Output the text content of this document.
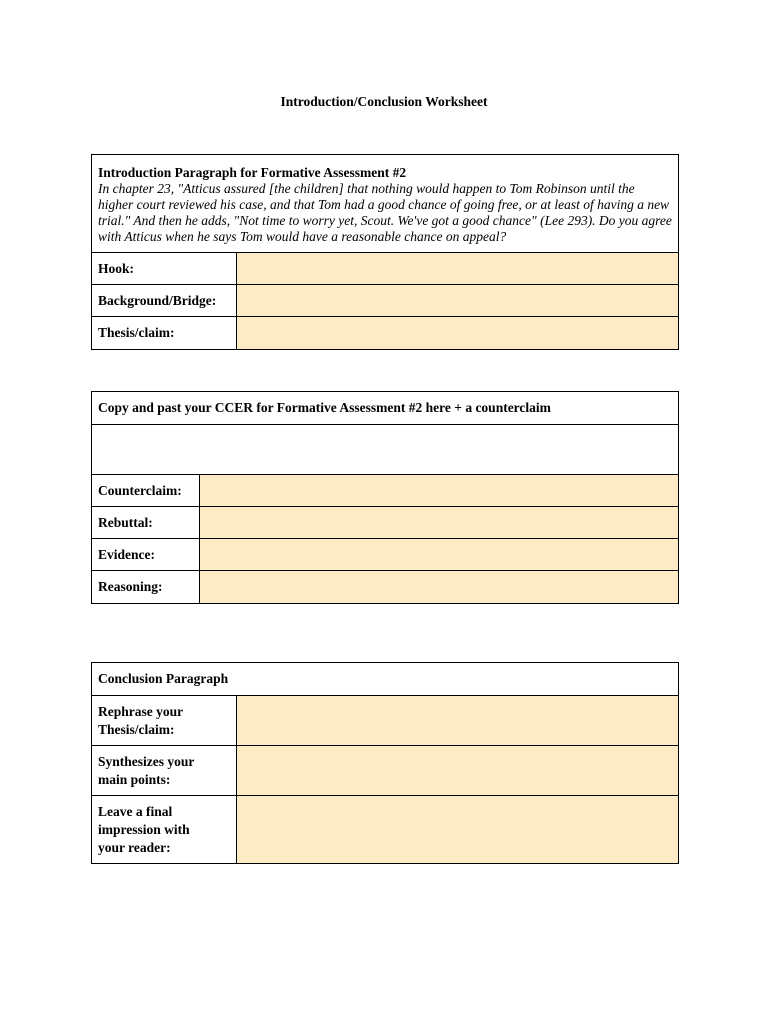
Introduction/Conclusion Worksheet
Introduction Paragraph for Formative Assessment #2
In chapter 23, "Atticus assured [the children] that nothing would happen to Tom Robinson until the higher court reviewed his case, and that Tom had a good chance of going free, or at least of having a new trial." And then he adds, "Not time to worry yet, Scout. We've got a good chance" (Lee 293). Do you agree with Atticus when he says Tom would have a reasonable chance on appeal?	

Hook:	
Background/Bridge:	
Thesis/claim:	
Copy and past your CCER for Formative Assessment #2 here + a counterclaim	

Counterclaim:	
Rebuttal:	
Evidence:	
Reasoning:	
Conclusion Paragraph	
Rephrase your
Thesis/claim:	
Synthesizes your
main points:	
Leave a final
impression with
your reader:	
